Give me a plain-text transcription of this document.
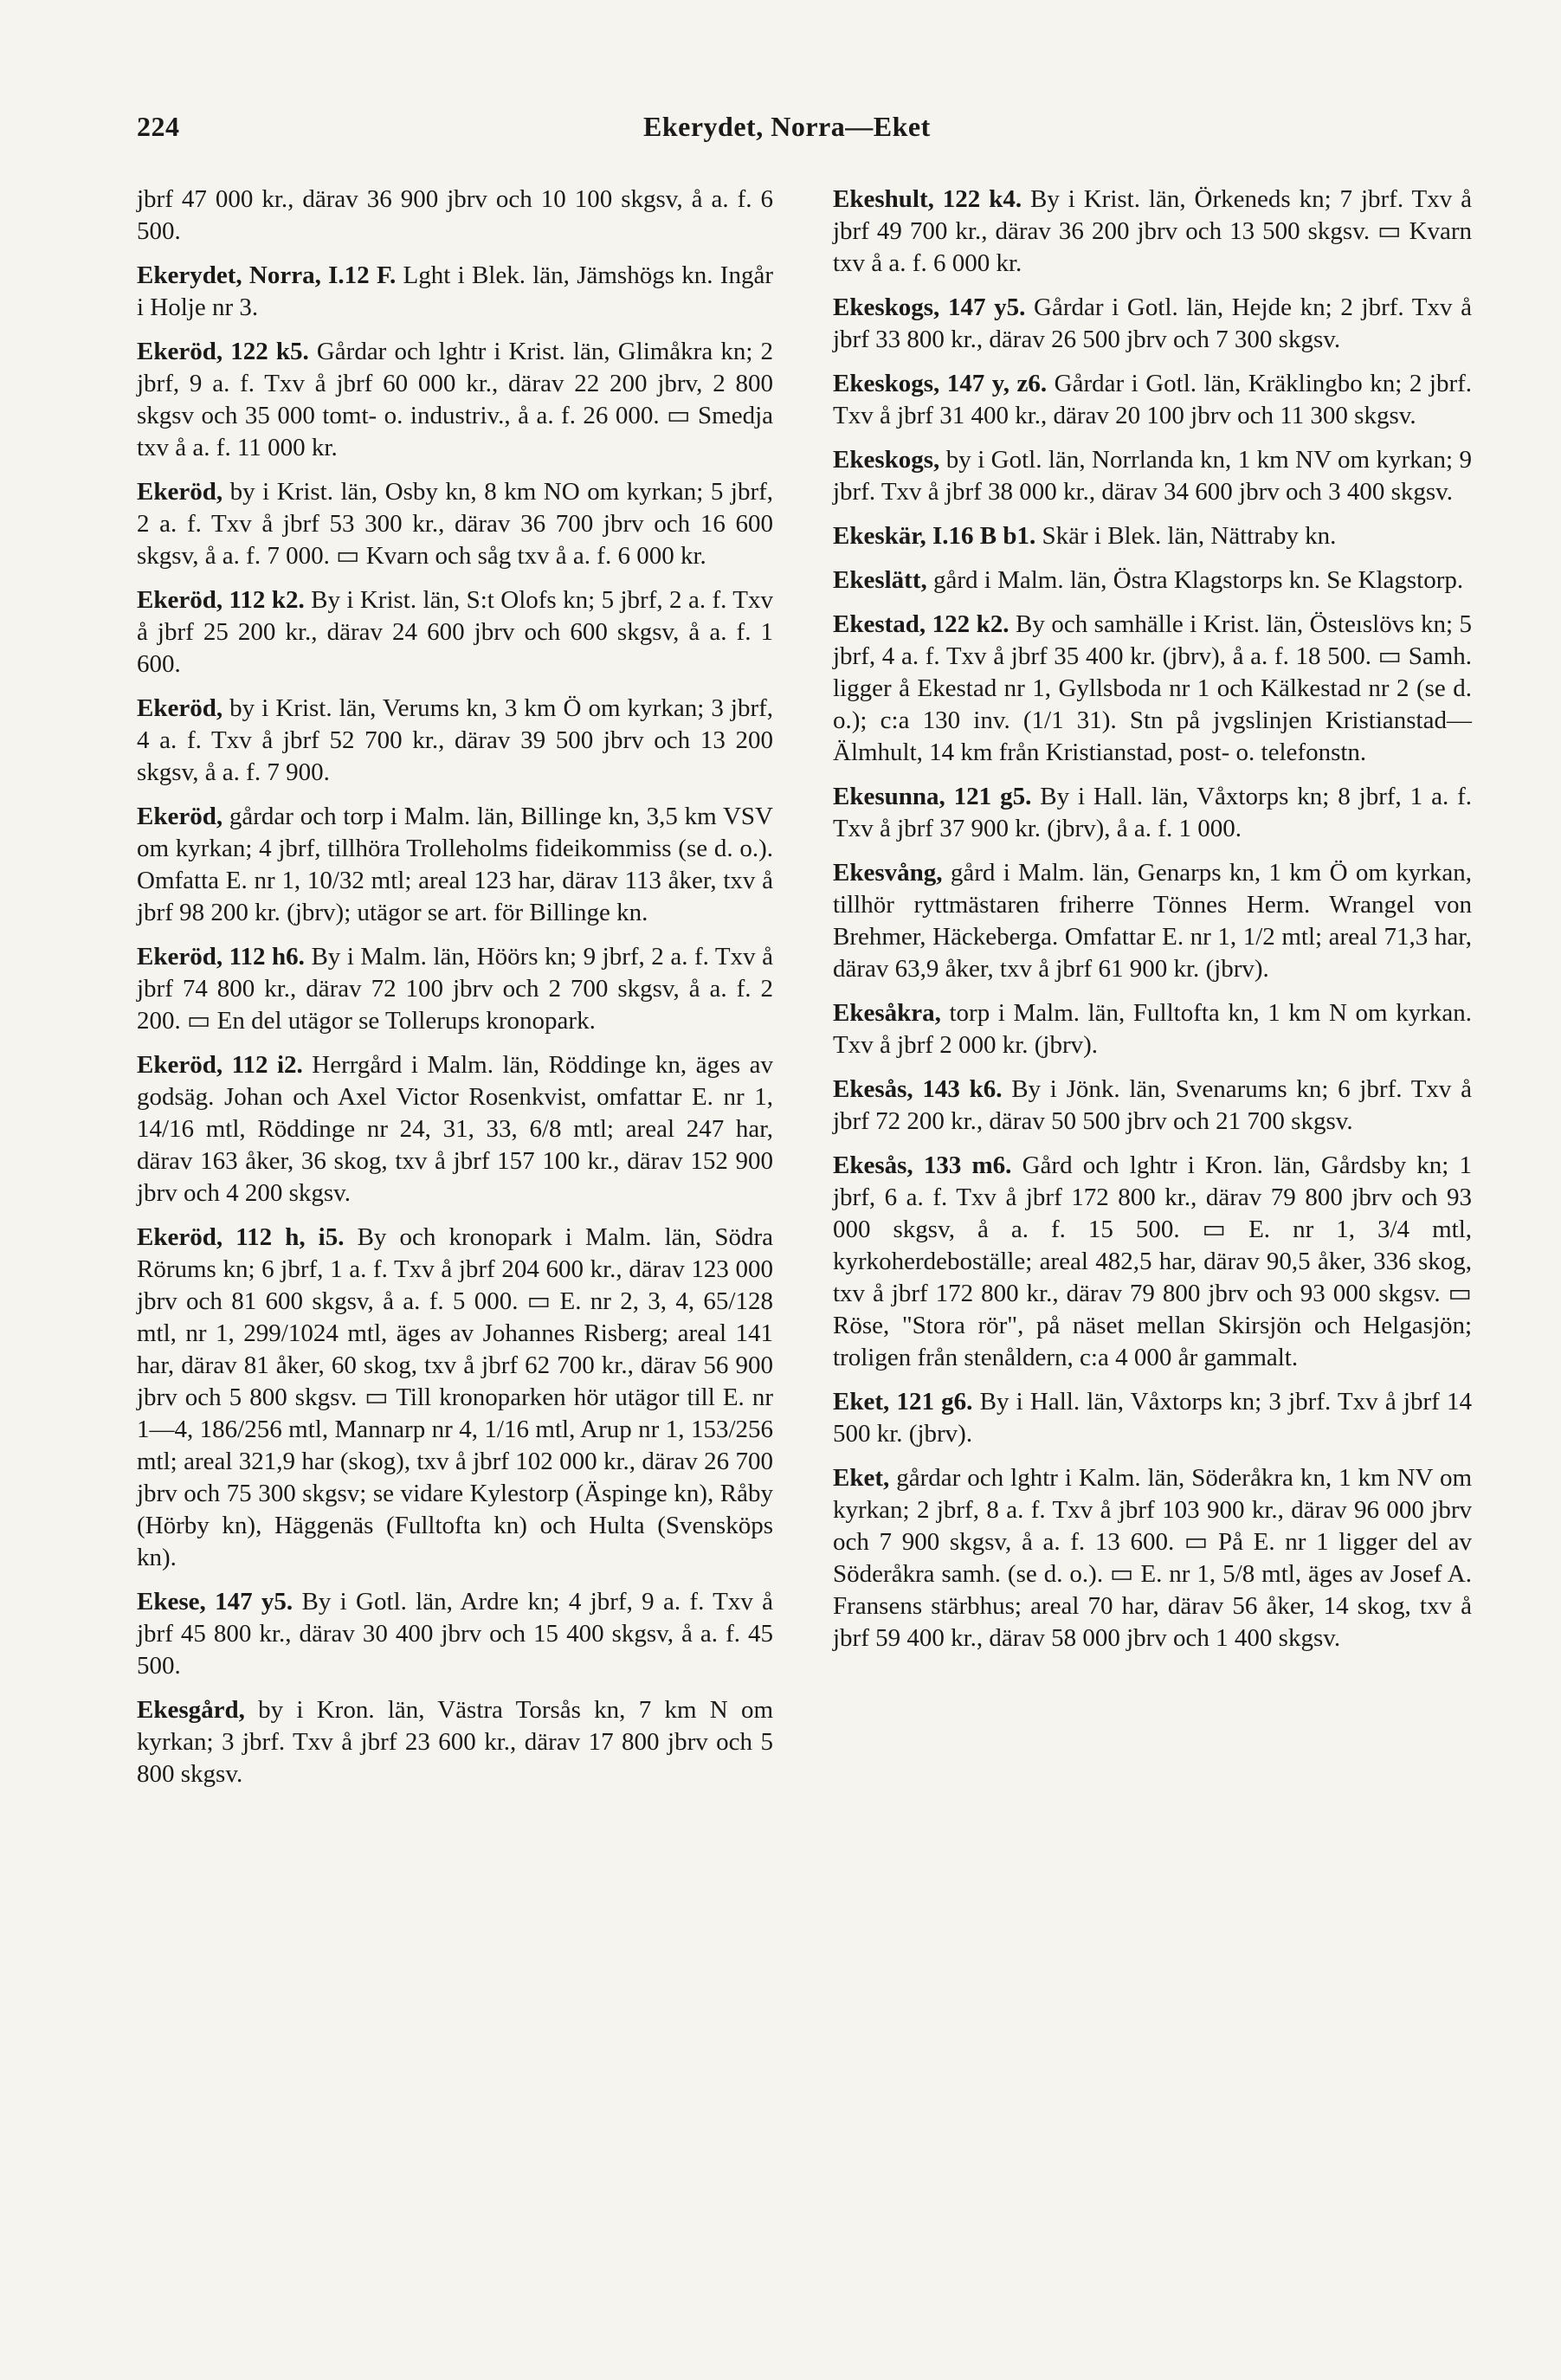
224	Ekerydet, Norra—Eket

jbrf 47 000 kr., därav 36 900 jbrv och 10 100 skgsv, å a. f. 6 500.

Ekerydet, Norra, I.12 F. Lght i Blek. län, Jämshögs kn. Ingår i Holje nr 3.

Ekeröd, 122 k5. Gårdar och lghtr i Krist. län, Glimåkra kn; 2 jbrf, 9 a. f. Txv å jbrf 60 000 kr., därav 22 200 jbrv, 2 800 skgsv och 35 000 tomt- o. industriv., å a. f. 26 000. ▭ Smedja txv å a. f. 11 000 kr.

Ekeröd, by i Krist. län, Osby kn, 8 km NO om kyrkan; 5 jbrf, 2 a. f. Txv å jbrf 53 300 kr., därav 36 700 jbrv och 16 600 skgsv, å a. f. 7 000. ▭ Kvarn och såg txv å a. f. 6 000 kr.

Ekeröd, 112 k2. By i Krist. län, S:t Olofs kn; 5 jbrf, 2 a. f. Txv å jbrf 25 200 kr., därav 24 600 jbrv och 600 skgsv, å a. f. 1 600.

Ekeröd, by i Krist. län, Verums kn, 3 km Ö om kyrkan; 3 jbrf, 4 a. f. Txv å jbrf 52 700 kr., därav 39 500 jbrv och 13 200 skgsv, å a. f. 7 900.

Ekeröd, gårdar och torp i Malm. län, Billinge kn, 3,5 km VSV om kyrkan; 4 jbrf, tillhöra Trolleholms fideikommiss (se d. o.). Omfatta E. nr 1, 10/32 mtl; areal 123 har, därav 113 åker, txv å jbrf 98 200 kr. (jbrv); utägor se art. för Billinge kn.

Ekeröd, 112 h6. By i Malm. län, Höörs kn; 9 jbrf, 2 a. f. Txv å jbrf 74 800 kr., därav 72 100 jbrv och 2 700 skgsv, å a. f. 2 200. ▭ En del utägor se Tollerups kronopark.

Ekeröd, 112 i2. Herrgård i Malm. län, Röddinge kn, äges av godsäg. Johan och Axel Victor Rosenkvist, omfattar E. nr 1, 14/16 mtl, Röddinge nr 24, 31, 33, 6/8 mtl; areal 247 har, därav 163 åker, 36 skog, txv å jbrf 157 100 kr., därav 152 900 jbrv och 4 200 skgsv.

Ekeröd, 112 h, i5. By och kronopark i Malm. län, Södra Rörums kn; 6 jbrf, 1 a. f. Txv å jbrf 204 600 kr., därav 123 000 jbrv och 81 600 skgsv, å a. f. 5 000. ▭ E. nr 2, 3, 4, 65/128 mtl, nr 1, 299/1024 mtl, äges av Johannes Risberg; areal 141 har, därav 81 åker, 60 skog, txv å jbrf 62 700 kr., därav 56 900 jbrv och 5 800 skgsv. ▭ Till kronoparken hör utägor till E. nr 1—4, 186/256 mtl, Mannarp nr 4, 1/16 mtl, Arup nr 1, 153/256 mtl; areal 321,9 har (skog), txv å jbrf 102 000 kr., därav 26 700 jbrv och 75 300 skgsv; se vidare Kylestorp (Äspinge kn), Råby (Hörby kn), Häggenäs (Fulltofta kn) och Hulta (Svensköps kn).

Ekese, 147 y5. By i Gotl. län, Ardre kn; 4 jbrf, 9 a. f. Txv å jbrf 45 800 kr., därav 30 400 jbrv och 15 400 skgsv, å a. f. 45 500.

Ekesgård, by i Kron. län, Västra Torsås kn, 7 km N om kyrkan; 3 jbrf. Txv å jbrf 23 600 kr., därav 17 800 jbrv och 5 800 skgsv.

Ekeshult, 122 k4. By i Krist. län, Örkeneds kn; 7 jbrf. Txv å jbrf 49 700 kr., därav 36 200 jbrv och 13 500 skgsv. ▭ Kvarn txv å a. f. 6 000 kr.

Ekeskogs, 147 y5. Gårdar i Gotl. län, Hejde kn; 2 jbrf. Txv å jbrf 33 800 kr., därav 26 500 jbrv och 7 300 skgsv.

Ekeskogs, 147 y, z6. Gårdar i Gotl. län, Kräklingbo kn; 2 jbrf. Txv å jbrf 31 400 kr., därav 20 100 jbrv och 11 300 skgsv.

Ekeskogs, by i Gotl. län, Norrlanda kn, 1 km NV om kyrkan; 9 jbrf. Txv å jbrf 38 000 kr., därav 34 600 jbrv och 3 400 skgsv.

Ekeskär, I.16 B b1. Skär i Blek. län, Nättraby kn.

Ekeslätt, gård i Malm. län, Östra Klagstorps kn. Se Klagstorp.

Ekestad, 122 k2. By och samhälle i Krist. län, Östeıslövs kn; 5 jbrf, 4 a. f. Txv å jbrf 35 400 kr. (jbrv), å a. f. 18 500. ▭ Samh. ligger å Ekestad nr 1, Gyllsboda nr 1 och Kälkestad nr 2 (se d. o.); c:a 130 inv. (1/1 31). Stn på jvgslinjen Kristianstad—Älmhult, 14 km från Kristianstad, post- o. telefonstn.

Ekesunna, 121 g5. By i Hall. län, Våxtorps kn; 8 jbrf, 1 a. f. Txv å jbrf 37 900 kr. (jbrv), å a. f. 1 000.

Ekesvång, gård i Malm. län, Genarps kn, 1 km Ö om kyrkan, tillhör ryttmästaren friherre Tönnes Herm. Wrangel von Brehmer, Häckeberga. Omfattar E. nr 1, 1/2 mtl; areal 71,3 har, därav 63,9 åker, txv å jbrf 61 900 kr. (jbrv).

Ekesåkra, torp i Malm. län, Fulltofta kn, 1 km N om kyrkan. Txv å jbrf 2 000 kr. (jbrv).

Ekesås, 143 k6. By i Jönk. län, Svenarums kn; 6 jbrf. Txv å jbrf 72 200 kr., därav 50 500 jbrv och 21 700 skgsv.

Ekesås, 133 m6. Gård och lghtr i Kron. län, Gårdsby kn; 1 jbrf, 6 a. f. Txv å jbrf 172 800 kr., därav 79 800 jbrv och 93 000 skgsv, å a. f. 15 500. ▭ E. nr 1, 3/4 mtl, kyrkoherdeboställe; areal 482,5 har, därav 90,5 åker, 336 skog, txv å jbrf 172 800 kr., därav 79 800 jbrv och 93 000 skgsv. ▭ Röse, "Stora rör", på näset mellan Skirsjön och Helgasjön; troligen från stenåldern, c:a 4 000 år gammalt.

Eket, 121 g6. By i Hall. län, Våxtorps kn; 3 jbrf. Txv å jbrf 14 500 kr. (jbrv).

Eket, gårdar och lghtr i Kalm. län, Söderåkra kn, 1 km NV om kyrkan; 2 jbrf, 8 a. f. Txv å jbrf 103 900 kr., därav 96 000 jbrv och 7 900 skgsv, å a. f. 13 600. ▭ På E. nr 1 ligger del av Söderåkra samh. (se d. o.). ▭ E. nr 1, 5/8 mtl, äges av Josef A. Fransens stärbhus; areal 70 har, därav 56 åker, 14 skog, txv å jbrf 59 400 kr., därav 58 000 jbrv och 1 400 skgsv.
